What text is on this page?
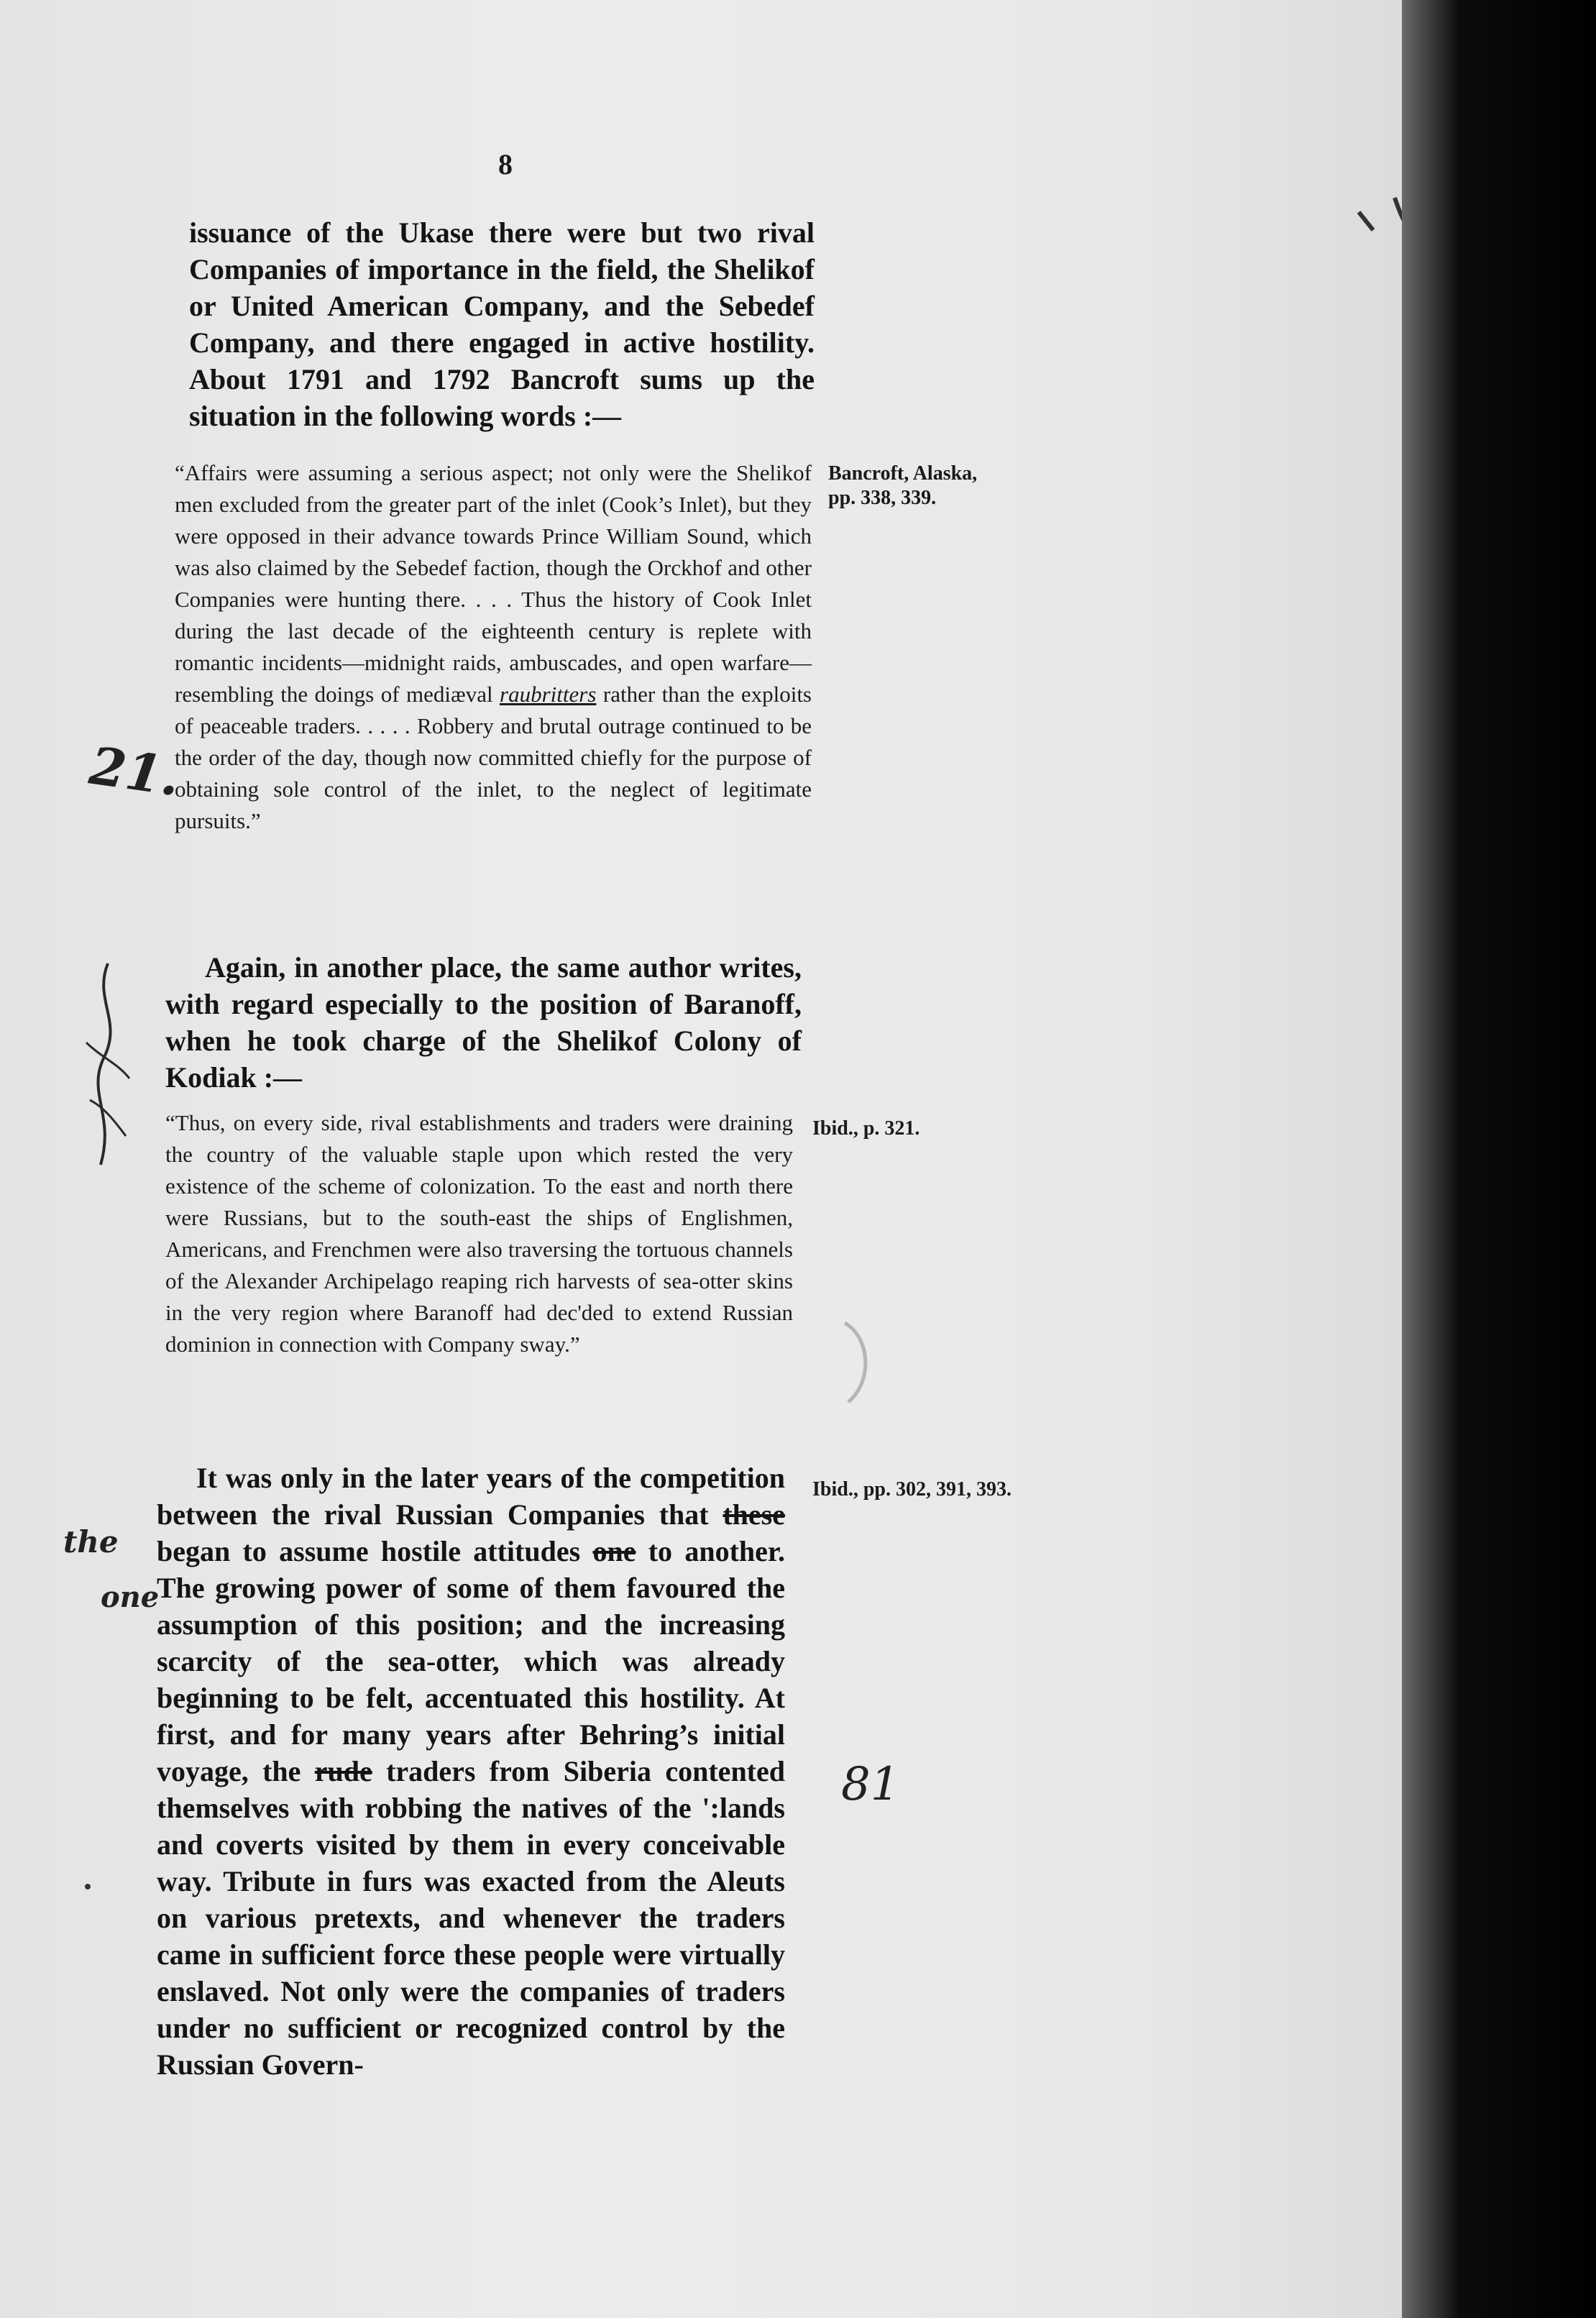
8

issuance of the Ukase there were but two rival Companies of importance in the field, the Shelikof or United American Company, and the Sebedef Company, and there engaged in active hostility. About 1791 and 1792 Bancroft sums up the situation in the following words :—

“Affairs were assuming a serious aspect; not only were the Shelikof men excluded from the greater part of the inlet (Cook’s Inlet), but they were opposed in their advance towards Prince William Sound, which was also claimed by the Sebedef faction, though the Orckhof and other Companies were hunting there. . . . Thus the history of Cook Inlet during the last decade of the eighteenth century is replete with romantic incidents—midnight raids, ambuscades, and open warfare—resembling the doings of mediæval raubritters rather than the exploits of peaceable traders. . . . . Robbery and brutal outrage continued to be the order of the day, though now committed chiefly for the purpose of obtaining sole control of the inlet, to the neglect of legitimate pursuits.”

Bancroft, Alaska, pp. 338, 339.

Again, in another place, the same author writes, with regard especially to the position of Baranoff, when he took charge of the Shelikof Colony of Kodiak :—

“Thus, on every side, rival establishments and traders were draining the country of the valuable staple upon which rested the very existence of the scheme of colonization. To the east and north there were Russians, but to the south-east the ships of Englishmen, Americans, and Frenchmen were also traversing the tortuous channels of the Alexander Archipelago reaping rich harvests of sea-otter skins in the very region where Baranoff had dec'ded to extend Russian dominion in connection with Company sway.”

Ibid., p. 321.

It was only in the later years of the competition between the rival Russian Companies that these began to assume hostile attitudes one to another. The growing power of some of them favoured the assumption of this position; and the increasing scarcity of the sea-otter, which was already beginning to be felt, accentuated this hostility. At first, and for many years after Behring’s initial voyage, the rude traders from Siberia contented themselves with robbing the natives of the ':lands and coverts visited by them in every conceivable way. Tribute in furs was exacted from the Aleuts on various pretexts, and whenever the traders came in sufficient force these people were virtually enslaved. Not only were the companies of traders under no sufficient or recognized control by the Russian Govern-

Ibid., pp. 302, 391, 393.
21.
the
one
81
